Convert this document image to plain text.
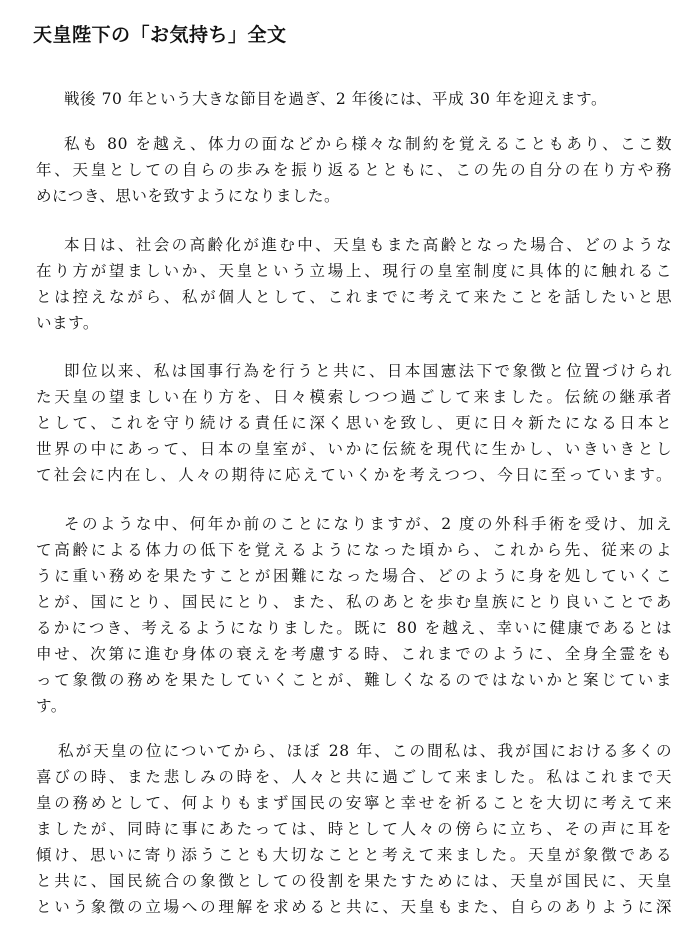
天皇陛下の「お気持ち」全文
戦後 70 年という大きな節目を過ぎ、2 年後には、平成 30 年を迎えます。
私も 80 を越え、体力の面などから様々な制約を覚えることもあり、ここ数
年、天皇としての自らの歩みを振り返るとともに、この先の自分の在り方や務
めにつき、思いを致すようになりました。
本日は、社会の高齢化が進む中、天皇もまた高齢となった場合、どのような
在り方が望ましいか、天皇という立場上、現行の皇室制度に具体的に触れるこ
とは控えながら、私が個人として、これまでに考えて来たことを話したいと思
います。
即位以来、私は国事行為を行うと共に、日本国憲法下で象徴と位置づけられ
た天皇の望ましい在り方を、日々模索しつつ過ごして来ました。伝統の継承者
として、これを守り続ける責任に深く思いを致し、更に日々新たになる日本と
世界の中にあって、日本の皇室が、いかに伝統を現代に生かし、いきいきとし
て社会に内在し、人々の期待に応えていくかを考えつつ、今日に至っています。
そのような中、何年か前のことになりますが、2 度の外科手術を受け、加え
て高齢による体力の低下を覚えるようになった頃から、これから先、従来のよ
うに重い務めを果たすことが困難になった場合、どのように身を処していくこ
とが、国にとり、国民にとり、また、私のあとを歩む皇族にとり良いことであ
るかにつき、考えるようになりました。既に 80 を越え、幸いに健康であるとは
申せ、次第に進む身体の衰えを考慮する時、これまでのように、全身全霊をも
って象徴の務めを果たしていくことが、難しくなるのではないかと案じていま
す。
私が天皇の位についてから、ほぼ 28 年、この間私は、我が国における多くの
喜びの時、また悲しみの時を、人々と共に過ごして来ました。私はこれまで天
皇の務めとして、何よりもまず国民の安寧と幸せを祈ることを大切に考えて来
ましたが、同時に事にあたっては、時として人々の傍らに立ち、その声に耳を
傾け、思いに寄り添うことも大切なことと考えて来ました。天皇が象徴である
と共に、国民統合の象徴としての役割を果たすためには、天皇が国民に、天皇
という象徴の立場への理解を求めると共に、天皇もまた、自らのありように深
